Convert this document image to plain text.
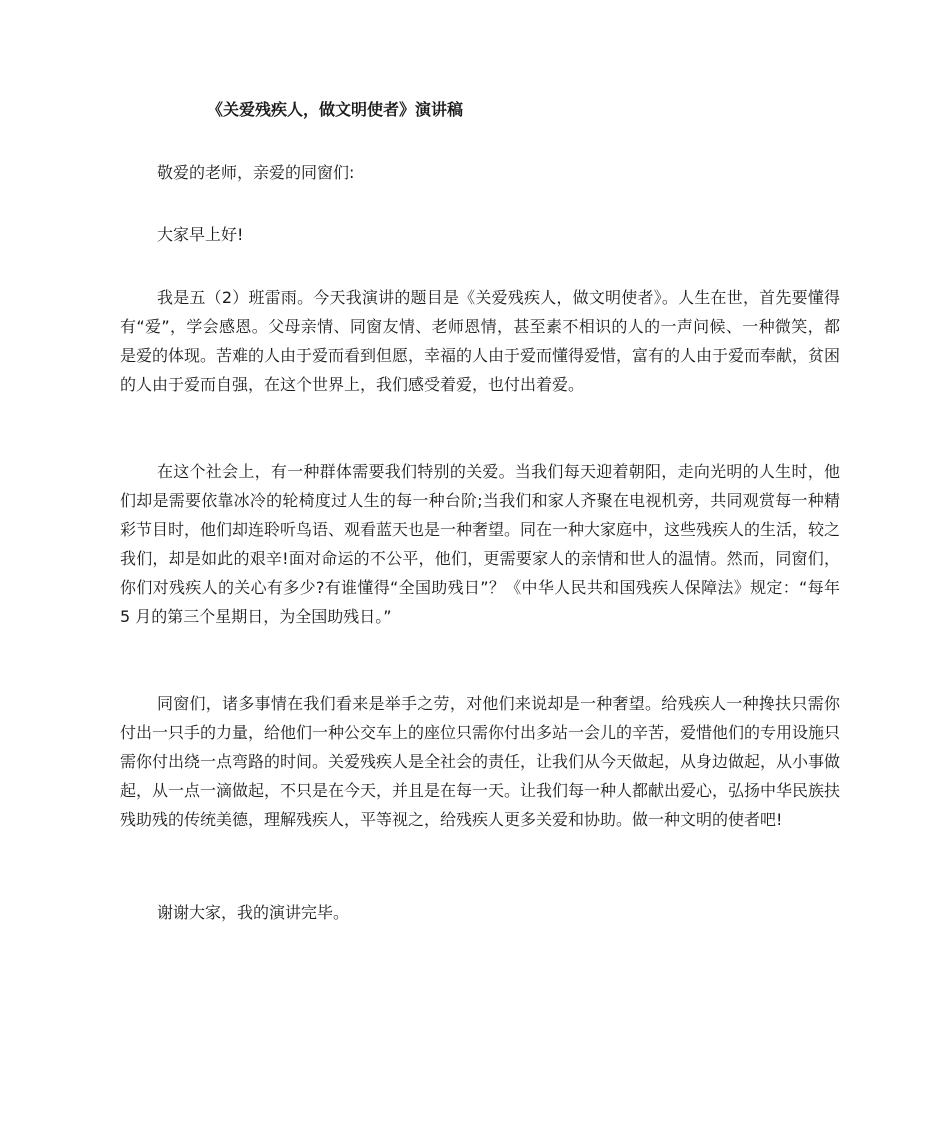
《关爱残疾人，做文明使者》演讲稿

敬爱的老师，亲爱的同窗们:

大家早上好!

我是五（2）班雷雨。今天我演讲的题目是《关爱残疾人，做文明使者》。人生在世，首先要懂得有“爱”，学会感恩。父母亲情、同窗友情、老师恩情，甚至素不相识的人的一声问候、一种微笑，都是爱的体现。苦难的人由于爱而看到但愿，幸福的人由于爱而懂得爱惜，富有的人由于爱而奉献，贫困的人由于爱而自强，在这个世界上，我们感受着爱，也付出着爱。

在这个社会上，有一种群体需要我们特别的关爱。当我们每天迎着朝阳，走向光明的人生时，他们却是需要依靠冰冷的轮椅度过人生的每一种台阶;当我们和家人齐聚在电视机旁，共同观赏每一种精彩节目时，他们却连聆听鸟语、观看蓝天也是一种奢望。同在一种大家庭中，这些残疾人的生活，较之我们，却是如此的艰辛!面对命运的不公平，他们，更需要家人的亲情和世人的温情。然而，同窗们，你们对残疾人的关心有多少?有谁懂得“全国助残日”？《中华人民共和国残疾人保障法》规定：“每年 5 月的第三个星期日，为全国助残日。”

同窗们，诸多事情在我们看来是举手之劳，对他们来说却是一种奢望。给残疾人一种搀扶只需你付出一只手的力量，给他们一种公交车上的座位只需你付出多站一会儿的辛苦，爱惜他们的专用设施只需你付出绕一点弯路的时间。关爱残疾人是全社会的责任，让我们从今天做起，从身边做起，从小事做起，从一点一滴做起，不只是在今天，并且是在每一天。让我们每一种人都献出爱心，弘扬中华民族扶残助残的传统美德，理解残疾人，平等视之，给残疾人更多关爱和协助。做一种文明的使者吧!

谢谢大家，我的演讲完毕。
